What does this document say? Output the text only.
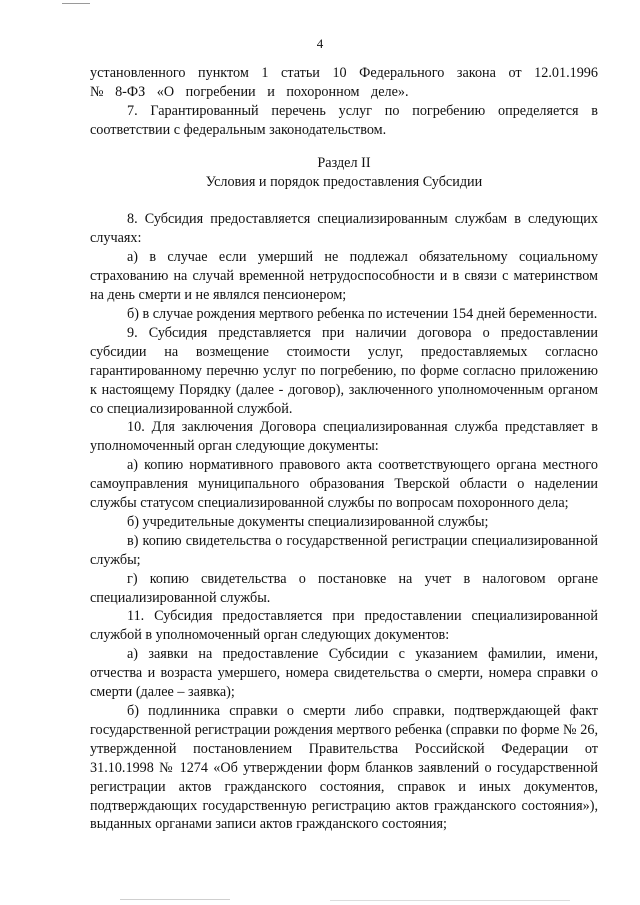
4

установленного пунктом 1 статьи 10 Федерального закона от 12.01.1996 № 8-ФЗ «О погребении и похоронном деле».

7. Гарантированный перечень услуг по погребению определяется в соответствии с федеральным законодательством.

Раздел II

Условия и порядок предоставления Субсидии

8. Субсидия предоставляется специализированным службам в следующих случаях:

а) в случае если умерший не подлежал обязательному социальному страхованию на случай временной нетрудоспособности и в связи с материнством на день смерти и не являлся пенсионером;

б) в случае рождения мертвого ребенка по истечении 154 дней беременности.

9. Субсидия представляется при наличии договора о предоставлении субсидии на возмещение стоимости услуг, предоставляемых согласно гарантированному перечню услуг по погребению, по форме согласно приложению к настоящему Порядку (далее - договор), заключенного уполномоченным органом со специализированной службой.

10. Для заключения Договора специализированная служба представляет в уполномоченный орган следующие документы:

а) копию нормативного правового акта соответствующего органа местного самоуправления муниципального образования Тверской области о наделении службы статусом специализированной службы по вопросам похоронного дела;

б) учредительные документы специализированной службы;

в) копию свидетельства о государственной регистрации специализированной службы;

г) копию свидетельства о постановке на учет в налоговом органе специализированной службы.

11. Субсидия предоставляется при предоставлении специализированной службой в уполномоченный орган следующих документов:

а) заявки на предоставление Субсидии с указанием фамилии, имени, отчества и возраста умершего, номера свидетельства о смерти, номера справки о смерти (далее – заявка);

б) подлинника справки о смерти либо справки, подтверждающей факт государственной регистрации рождения мертвого ребенка (справки по форме № 26, утвержденной постановлением Правительства Российской Федерации от 31.10.1998 № 1274 «Об утверждении форм бланков заявлений о государственной регистрации актов гражданского состояния, справок и иных документов, подтверждающих государственную регистрацию актов гражданского состояния»), выданных органами записи актов гражданского состояния;
